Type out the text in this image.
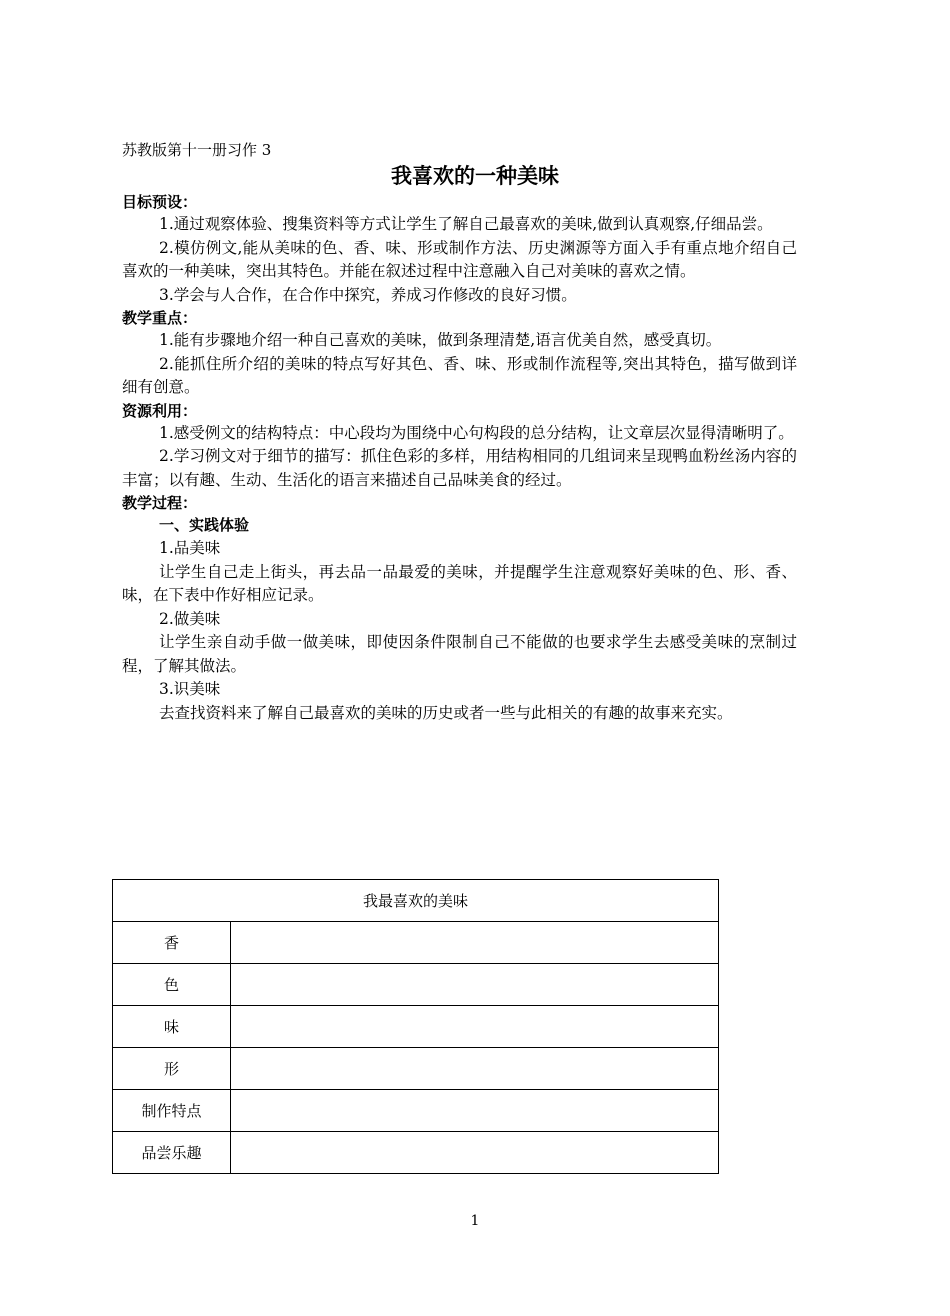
苏教版第十一册习作 3
我喜欢的一种美味
目标预设：

1.通过观察体验、搜集资料等方式让学生了解自己最喜欢的美味,做到认真观察,仔细品尝。

2.模仿例文,能从美味的色、香、味、形或制作方法、历史渊源等方面入手有重点地介绍自己喜欢的一种美味，突出其特色。并能在叙述过程中注意融入自己对美味的喜欢之情。

3.学会与人合作，在合作中探究，养成习作修改的良好习惯。

教学重点：

1.能有步骤地介绍一种自己喜欢的美味，做到条理清楚,语言优美自然，感受真切。

2.能抓住所介绍的美味的特点写好其色、香、味、形或制作流程等,突出其特色，描写做到详细有创意。

资源利用：

1.感受例文的结构特点：中心段均为围绕中心句构段的总分结构，让文章层次显得清晰明了。

2.学习例文对于细节的描写：抓住色彩的多样，用结构相同的几组词来呈现鸭血粉丝汤内容的丰富；以有趣、生动、生活化的语言来描述自己品味美食的经过。

教学过程：
一、实践体验

1.品美味

让学生自己走上街头，再去品一品最爱的美味，并提醒学生注意观察好美味的色、形、香、味，在下表中作好相应记录。

2.做美味

让学生亲自动手做一做美味，即使因条件限制自己不能做的也要求学生去感受美味的烹制过程，了解其做法。

3.识美味

去查找资料来了解自己最喜欢的美味的历史或者一些与此相关的有趣的故事来充实。

我最喜欢的美味	
香	
色	
味	
形	
制作特点	
品尝乐趣	
1
